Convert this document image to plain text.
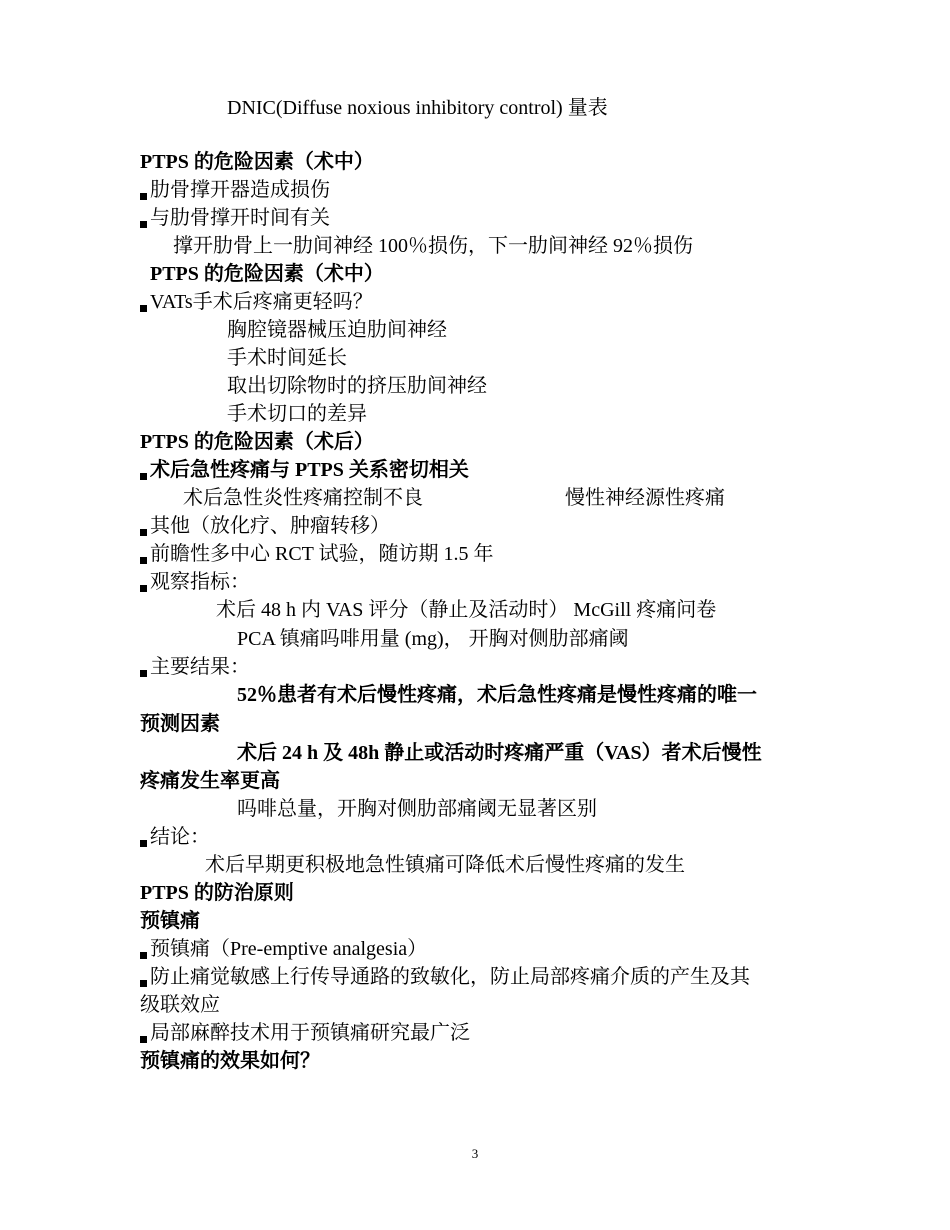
DNIC(Diffuse noxious inhibitory control) 量表
PTPS 的危险因素（术中）
肋骨撑开器造成损伤
与肋骨撑开时间有关
撑开肋骨上一肋间神经 100％损伤，下一肋间神经 92％损伤
PTPS 的危险因素（术中）
VATs手术后疼痛更轻吗？
胸腔镜器械压迫肋间神经
手术时间延长
取出切除物时的挤压肋间神经
手术切口的差异
PTPS 的危险因素（术后）
术后急性疼痛与 PTPS 关系密切相关
术后急性炎性疼痛控制不良	慢性神经源性疼痛
其他（放化疗、肿瘤转移）
前瞻性多中心 RCT 试验，随访期 1.5 年
观察指标：
术后 48 h 内 VAS 评分（静止及活动时） McGill 疼痛问卷
PCA 镇痛吗啡用量 (mg)， 开胸对侧肋部痛阈
主要结果：
52％患者有术后慢性疼痛，术后急性疼痛是慢性疼痛的唯一
预测因素
术后 24 h 及 48h 静止或活动时疼痛严重（VAS）者术后慢性
疼痛发生率更高
吗啡总量，开胸对侧肋部痛阈无显著区别
结论：
术后早期更积极地急性镇痛可降低术后慢性疼痛的发生
PTPS 的防治原则
预镇痛
预镇痛（Pre-emptive analgesia）
防止痛觉敏感上行传导通路的致敏化，防止局部疼痛介质的产生及其
级联效应
局部麻醉技术用于预镇痛研究最广泛
预镇痛的效果如何？
3
